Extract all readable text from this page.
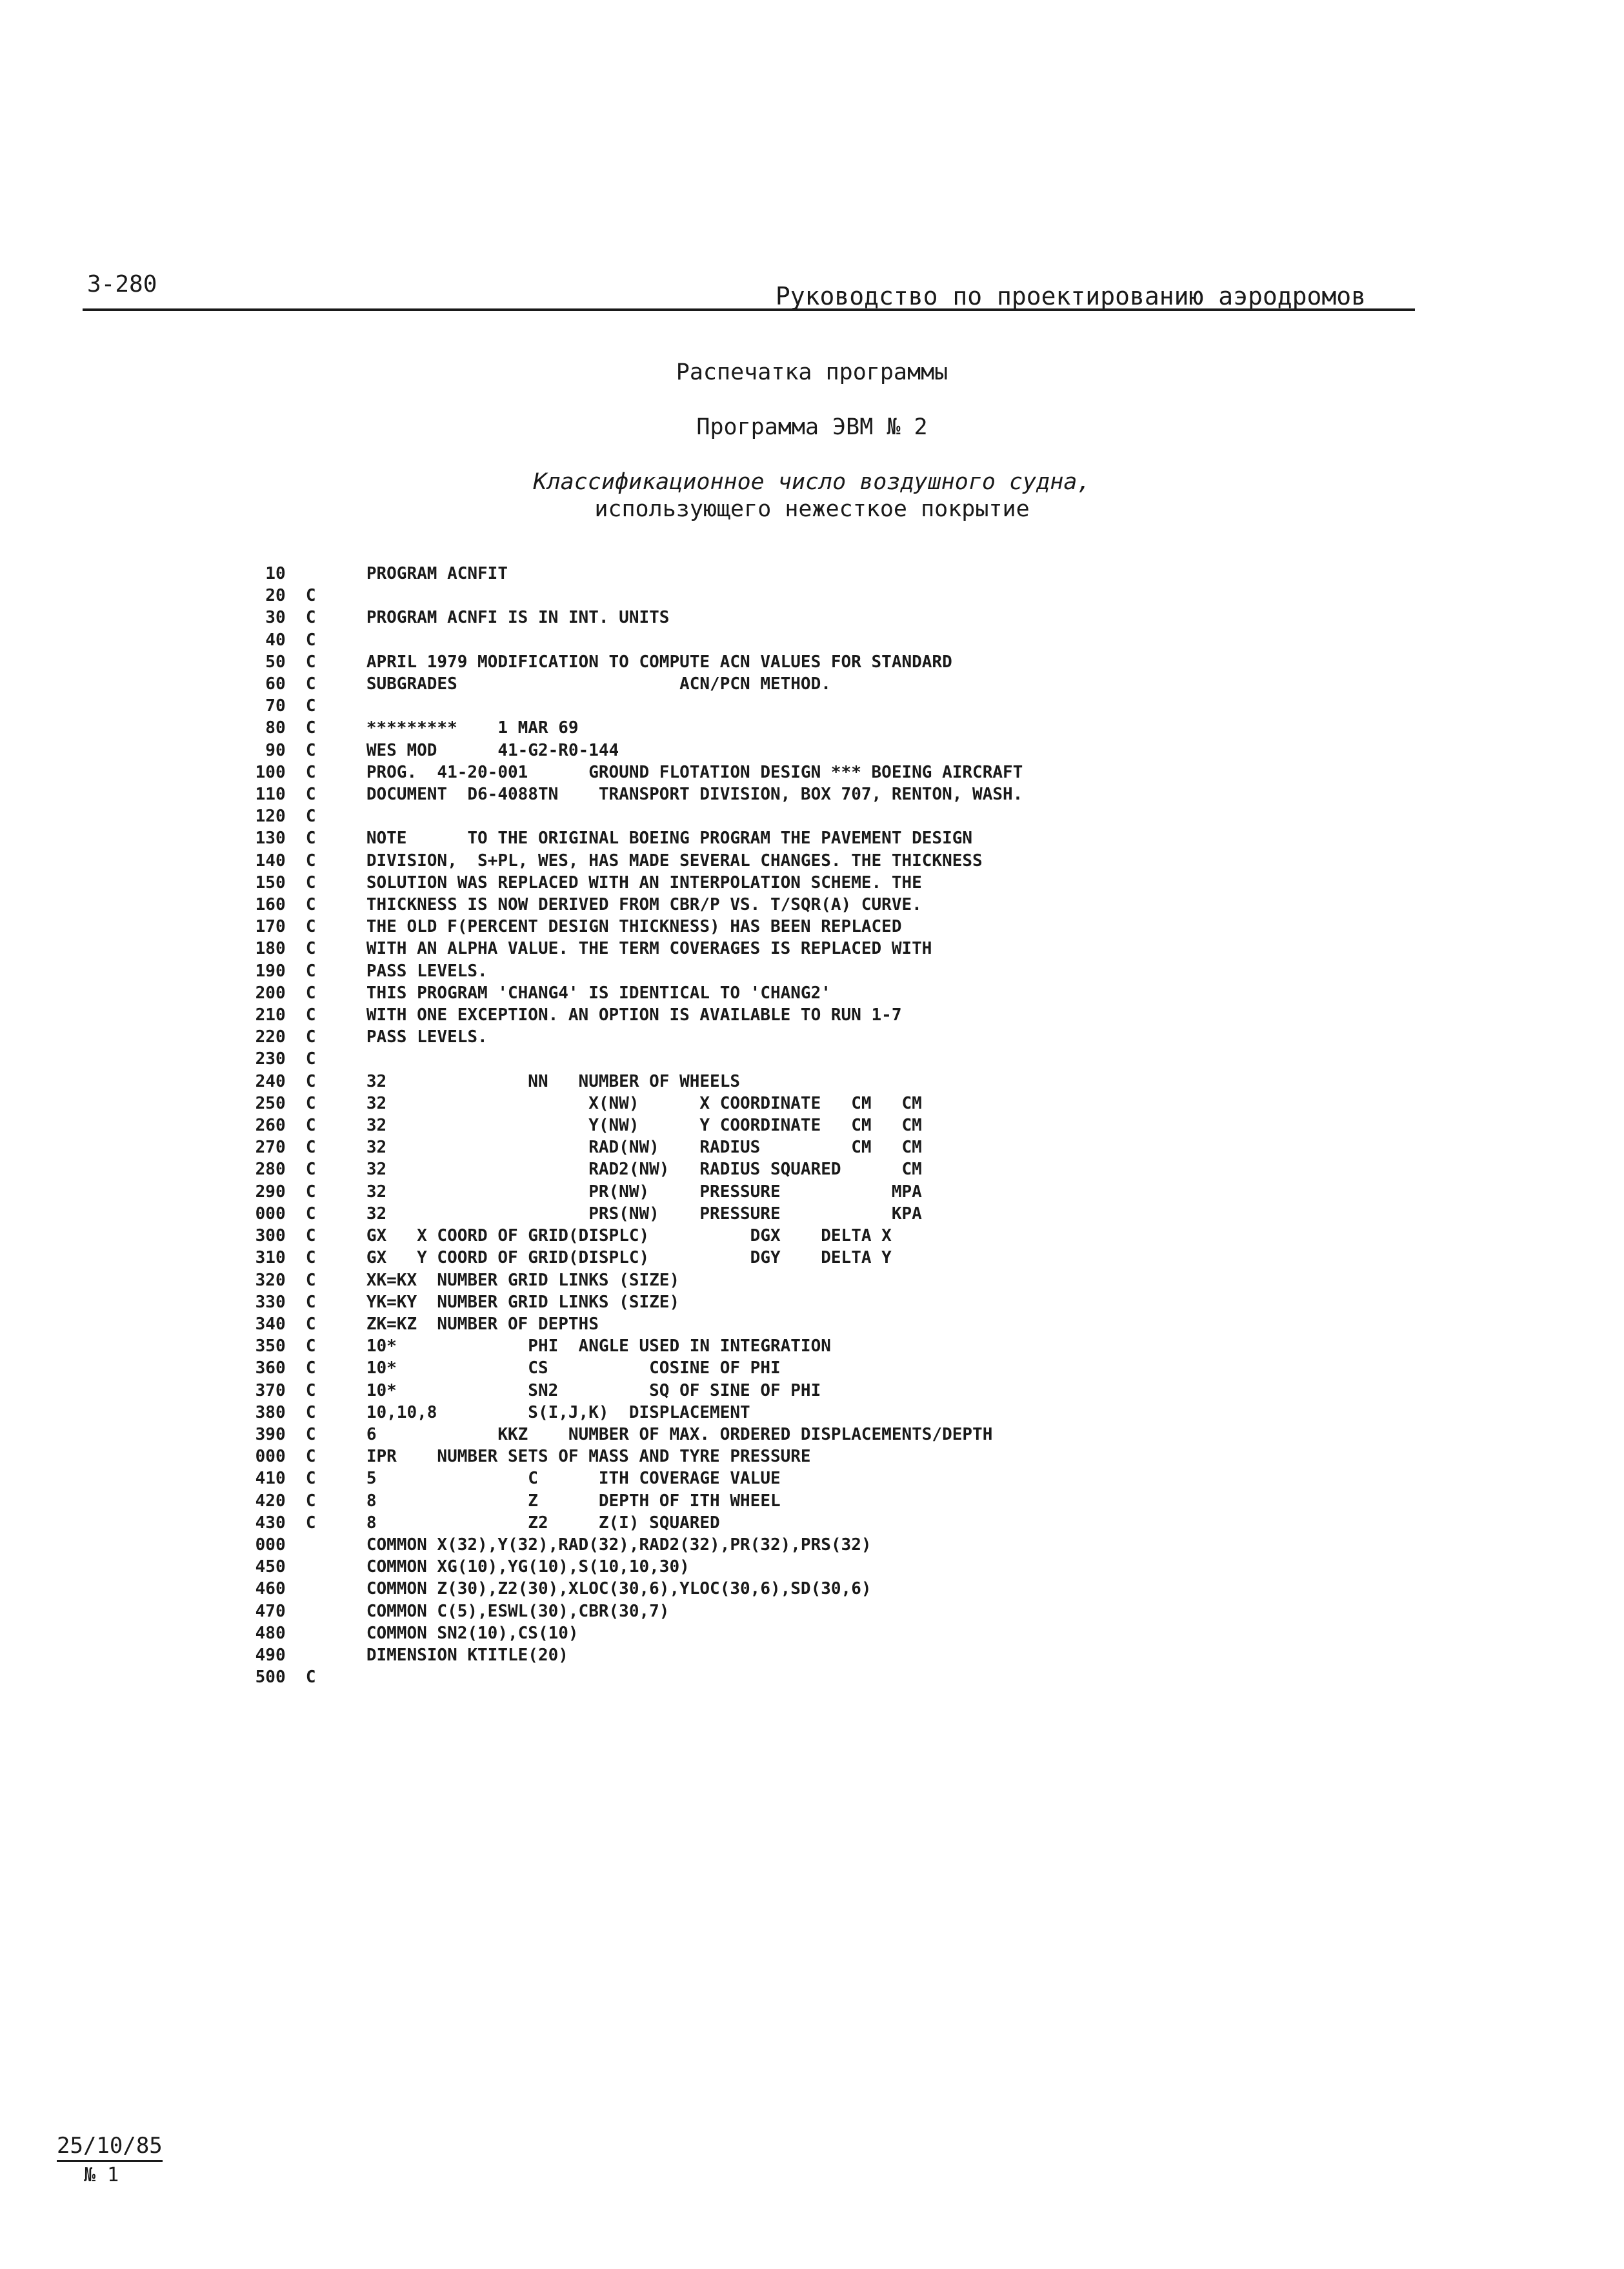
3-280	Руководство по проектированию аэродромов
Распечатка программы
Программа ЭВМ № 2
Классификационное число воздушного судна,
использующего нежесткое покрытие
10        PROGRAM ACNFIT
20  C
30  C     PROGRAM ACNFI IS IN INT. UNITS
40  C
50  C     APRIL 1979 MODIFICATION TO COMPUTE ACN VALUES FOR STANDARD
60  C     SUBGRADES                      ACN/PCN METHOD.
70  C
80  C     *********    1 MAR 69
90  C     WES MOD      41-G2-R0-144
100  C     PROG.  41-20-001      GROUND FLOTATION DESIGN *** BOEING AIRCRAFT
110  C     DOCUMENT  D6-4088TN    TRANSPORT DIVISION, BOX 707, RENTON, WASH.
120  C
130  C     NOTE      TO THE ORIGINAL BOEING PROGRAM THE PAVEMENT DESIGN
140  C     DIVISION,  S+PL, WES, HAS MADE SEVERAL CHANGES. THE THICKNESS
150  C     SOLUTION WAS REPLACED WITH AN INTERPOLATION SCHEME. THE
160  C     THICKNESS IS NOW DERIVED FROM CBR/P VS. T/SQR(A) CURVE.
170  C     THE OLD F(PERCENT DESIGN THICKNESS) HAS BEEN REPLACED
180  C     WITH AN ALPHA VALUE. THE TERM COVERAGES IS REPLACED WITH
190  C     PASS LEVELS.
200  C     THIS PROGRAM 'CHANG4' IS IDENTICAL TO 'CHANG2'
210  C     WITH ONE EXCEPTION. AN OPTION IS AVAILABLE TO RUN 1-7
220  C     PASS LEVELS.
230  C
240  C     32              NN   NUMBER OF WHEELS
250  C     32                    X(NW)      X COORDINATE   CM   CM
260  C     32                    Y(NW)      Y COORDINATE   CM   CM
270  C     32                    RAD(NW)    RADIUS         CM   CM
280  C     32                    RAD2(NW)   RADIUS SQUARED      CM
290  C     32                    PR(NW)     PRESSURE           MPA
000  C     32                    PRS(NW)    PRESSURE           KPA
300  C     GX   X COORD OF GRID(DISPLC)          DGX    DELTA X
310  C     GX   Y COORD OF GRID(DISPLC)          DGY    DELTA Y
320  C     XK=KX  NUMBER GRID LINKS (SIZE)
330  C     YK=KY  NUMBER GRID LINKS (SIZE)
340  C     ZK=KZ  NUMBER OF DEPTHS
350  C     10*             PHI  ANGLE USED IN INTEGRATION
360  C     10*             CS          COSINE OF PHI
370  C     10*             SN2         SQ OF SINE OF PHI
380  C     10,10,8         S(I,J,K)  DISPLACEMENT
390  C     6            KKZ    NUMBER OF MAX. ORDERED DISPLACEMENTS/DEPTH
000  C     IPR    NUMBER SETS OF MASS AND TYRE PRESSURE
410  C     5               C      ITH COVERAGE VALUE
420  C     8               Z      DEPTH OF ITH WHEEL
430  C     8               Z2     Z(I) SQUARED
000        COMMON X(32),Y(32),RAD(32),RAD2(32),PR(32),PRS(32)
450        COMMON XG(10),YG(10),S(10,10,30)
460        COMMON Z(30),Z2(30),XLOC(30,6),YLOC(30,6),SD(30,6)
470        COMMON C(5),ESWL(30),CBR(30,7)
480        COMMON SN2(10),CS(10)
490        DIMENSION KTITLE(20)
500  C
25/10/85
№ 1
